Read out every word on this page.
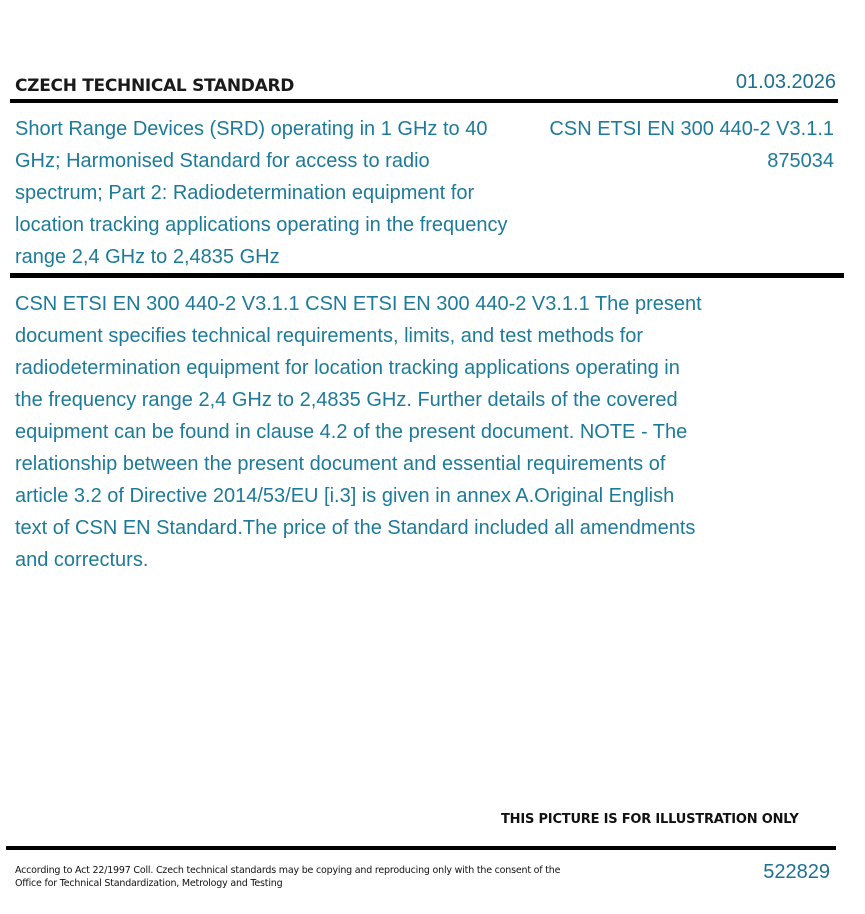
CZECH TECHNICAL STANDARD	01.03.2026
Short Range Devices (SRD) operating in 1 GHz to 40 GHz; Harmonised Standard for access to radio spectrum; Part 2: Radiodetermination equipment for location tracking applications operating in the frequency range 2,4 GHz to 2,4835 GHz
CSN ETSI EN 300 440-2 V3.1.1
875034
CSN ETSI EN 300 440-2 V3.1.1 CSN ETSI EN 300 440-2 V3.1.1 The present document specifies technical requirements, limits, and test methods for radiodetermination equipment for location tracking applications operating in the frequency range 2,4 GHz to 2,4835 GHz. Further details of the covered equipment can be found in clause 4.2 of the present document. NOTE - The relationship between the present document and essential requirements of article 3.2 of Directive 2014/53/EU [i.3] is given in annex A.Original English text of CSN EN Standard.The price of the Standard included all amendments and correcturs.
THIS PICTURE IS FOR ILLUSTRATION ONLY
According to Act 22/1997 Coll. Czech technical standards may be copying and reproducing only with the consent of the Office for Technical Standardization, Metrology and Testing
522829
